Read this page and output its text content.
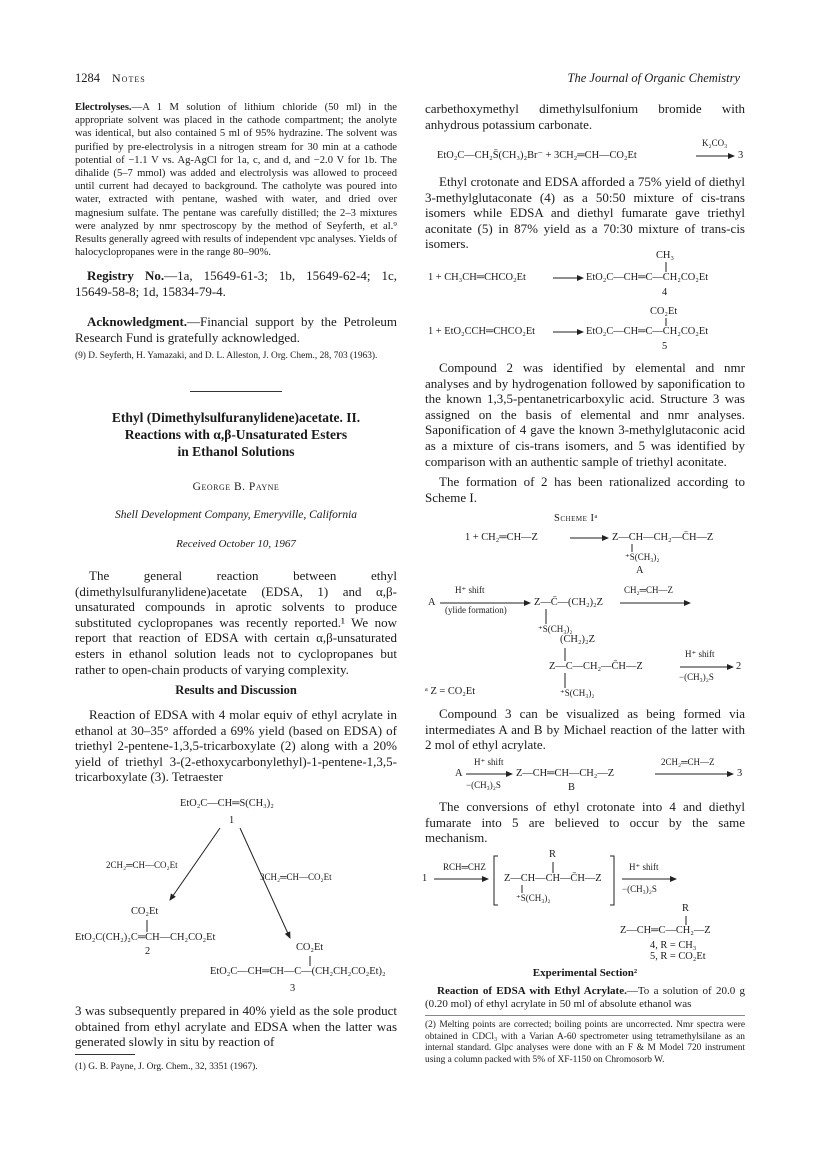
1284 Notes	The Journal of Organic Chemistry
Electrolyses.—A 1 M solution of lithium chloride (50 ml) in the appropriate solvent was placed in the cathode compartment; the anolyte was identical, but also contained 5 ml of 95% hydrazine. The solvent was purified by pre-electrolysis in a nitrogen stream for 30 min at a cathode potential of −1.1 V vs. Ag-AgCl for 1a, c, and d, and −2.0 V for 1b. The dihalide (5–7 mmol) was added and electrolysis was allowed to proceed until current had decayed to background. The catholyte was poured into water, extracted with pentane, washed with water, and dried over magnesium sulfate. The pentane was carefully distilled; the 2–3 mixtures were analyzed by nmr spectroscopy by the method of Seyferth, et al.⁹ Results generally agreed with results of independent vpc analyses. Yields of halocyclopropanes were in the range 80–90%.
Registry No.—1a, 15649-61-3; 1b, 15649-62-4; 1c, 15649-58-8; 1d, 15834-79-4.
Acknowledgment.—Financial support by the Petroleum Research Fund is gratefully acknowledged.
(9) D. Seyferth, H. Yamazaki, and D. L. Alleston, J. Org. Chem., 28, 703 (1963).
Ethyl (Dimethylsulfuranylidene)acetate. II.
Reactions with α,β-Unsaturated Esters
in Ethanol Solutions
George B. Payne
Shell Development Company, Emeryville, California
Received October 10, 1967
The general reaction between ethyl (dimethylsulfuranylidene)acetate (EDSA, 1) and α,β-unsaturated compounds in aprotic solvents to produce substituted cyclopropanes was recently reported.¹ We now report that reaction of EDSA with certain α,β-unsaturated esters in ethanol solution leads not to cyclopropanes but rather to open-chain products of varying complexity.
Results and Discussion
Reaction of EDSA with 4 molar equiv of ethyl acrylate in ethanol at 30–35° afforded a 69% yield (based on EDSA) of triethyl 2-pentene-1,3,5-tricarboxylate (2) along with a 20% yield of triethyl 3-(2-ethoxycarbonylethyl)-1-pentene-1,3,5-tricarboxylate (3). Tetraester
EtO₂C—CH═S(CH₃)₂
1
2CH₂═CH—CO₂Et
3CH₂═CH—CO₂Et
CO₂Et
EtO₂C(CH₂)₂C═CH—CH₂CO₂Et
2	CO₂Et
EtO₂C—CH═CH—C—(CH₂CH₂CO₂Et)₂
3
3 was subsequently prepared in 40% yield as the sole product obtained from ethyl acrylate and EDSA when the latter was generated slowly in situ by reaction of
(1) G. B. Payne, J. Org. Chem., 32, 3351 (1967).
carbethoxymethyl dimethylsulfonium bromide with anhydrous potassium carbonate.
EtO₂C—CH₂S̄(CH₃)₂Br⁻ + 3CH₂═CH—CO₂Et
K₂CO₃
3
Ethyl crotonate and EDSA afforded a 75% yield of diethyl 3-methylglutaconate (4) as a 50:50 mixture of cis-trans isomers while EDSA and diethyl fumarate gave triethyl aconitate (5) in 87% yield as a 70:30 mixture of trans-cis isomers.
CH₃
1 + CH₃CH═CHCO₂Et	EtO₂C—CH═C—CH₂CO₂Et
4
CO₂Et
1 + EtO₂CCH═CHCO₂Et	EtO₂C—CH═C—CH₂CO₂Et
5
Compound 2 was identified by elemental and nmr analyses and by hydrogenation followed by saponification to the known 1,3,5-pentanetricarboxylic acid. Structure 3 was assigned on the basis of elemental and nmr analyses. Saponification of 4 gave the known 3-methylglutaconic acid as a mixture of cis-trans isomers, and 5 was identified by comparison with an authentic sample of triethyl aconitate.
The formation of 2 has been rationalized according to Scheme I.
Scheme Iᵃ
1 + CH₂═CH—Z	Z—CH—CH₂—C̄H—Z
⁺S(CH₃)₂
A
A
H⁺ shift
(ylide formation)
Z—C̄—(CH₂)₂Z
CH₂═CH—Z
⁺S(CH₃)₂
(CH₂)₂Z
Z—C—CH₂—C̄H—Z
H⁺ shift
−(CH₃)₂S
2
⁺S(CH₃)₂
ᵃ Z = CO₂Et
Compound 3 can be visualized as being formed via intermediates A and B by Michael reaction of the latter with 2 mol of ethyl acrylate.
A
H⁺ shift
−(CH₃)₂S
Z—CH═CH—CH₂—Z
B
2CH₂═CH—Z
3
The conversions of ethyl crotonate into 4 and diethyl fumarate into 5 are believed to occur by the same mechanism.
1
RCH═CHZ
R
Z—CH—CH—C̄H—Z
⁺S(CH₃)₂
H⁺ shift
−(CH₃)₂S
R
Z—CH═C—CH₂—Z
4, R = CH₃
5, R = CO₂Et
Experimental Section²
Reaction of EDSA with Ethyl Acrylate.—To a solution of 20.0 g (0.20 mol) of ethyl acrylate in 50 ml of absolute ethanol was
(2) Melting points are corrected; boiling points are uncorrected. Nmr spectra were obtained in CDCl₃ with a Varian A-60 spectrometer using tetramethylsilane as an internal standard. Glpc analyses were done with an F & M Model 720 instrument using a column packed with 5% of XF-1150 on Chromosorb W.
